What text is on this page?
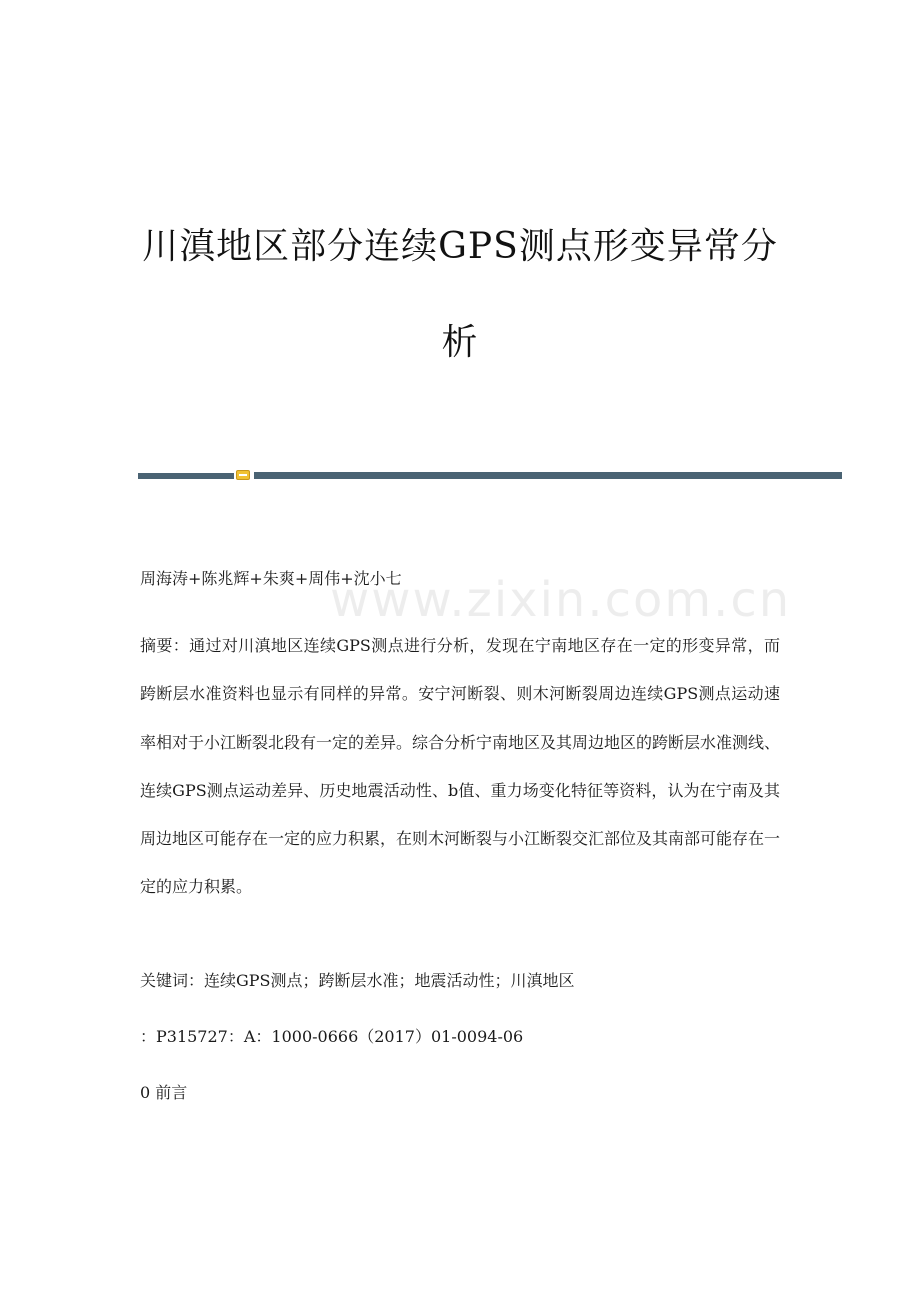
川滇地区部分连续GPS测点形变异常分
析
www.zixin.com.cn
周海涛+陈兆辉+朱爽+周伟+沈小七
摘要：通过对川滇地区连续GPS测点进行分析，发现在宁南地区存在一定的形变异常，而跨断层水准资料也显示有同样的异常。安宁河断裂、则木河断裂周边连续GPS测点运动速率相对于小江断裂北段有一定的差异。综合分析宁南地区及其周边地区的跨断层水准测线、连续GPS测点运动差异、历史地震活动性、b值、重力场变化特征等资料，认为在宁南及其周边地区可能存在一定的应力积累，在则木河断裂与小江断裂交汇部位及其南部可能存在一定的应力积累。
关键词：连续GPS测点；跨断层水准；地震活动性；川滇地区
：P315727：A：1000-0666（2017）01-0094-06
0 前言
